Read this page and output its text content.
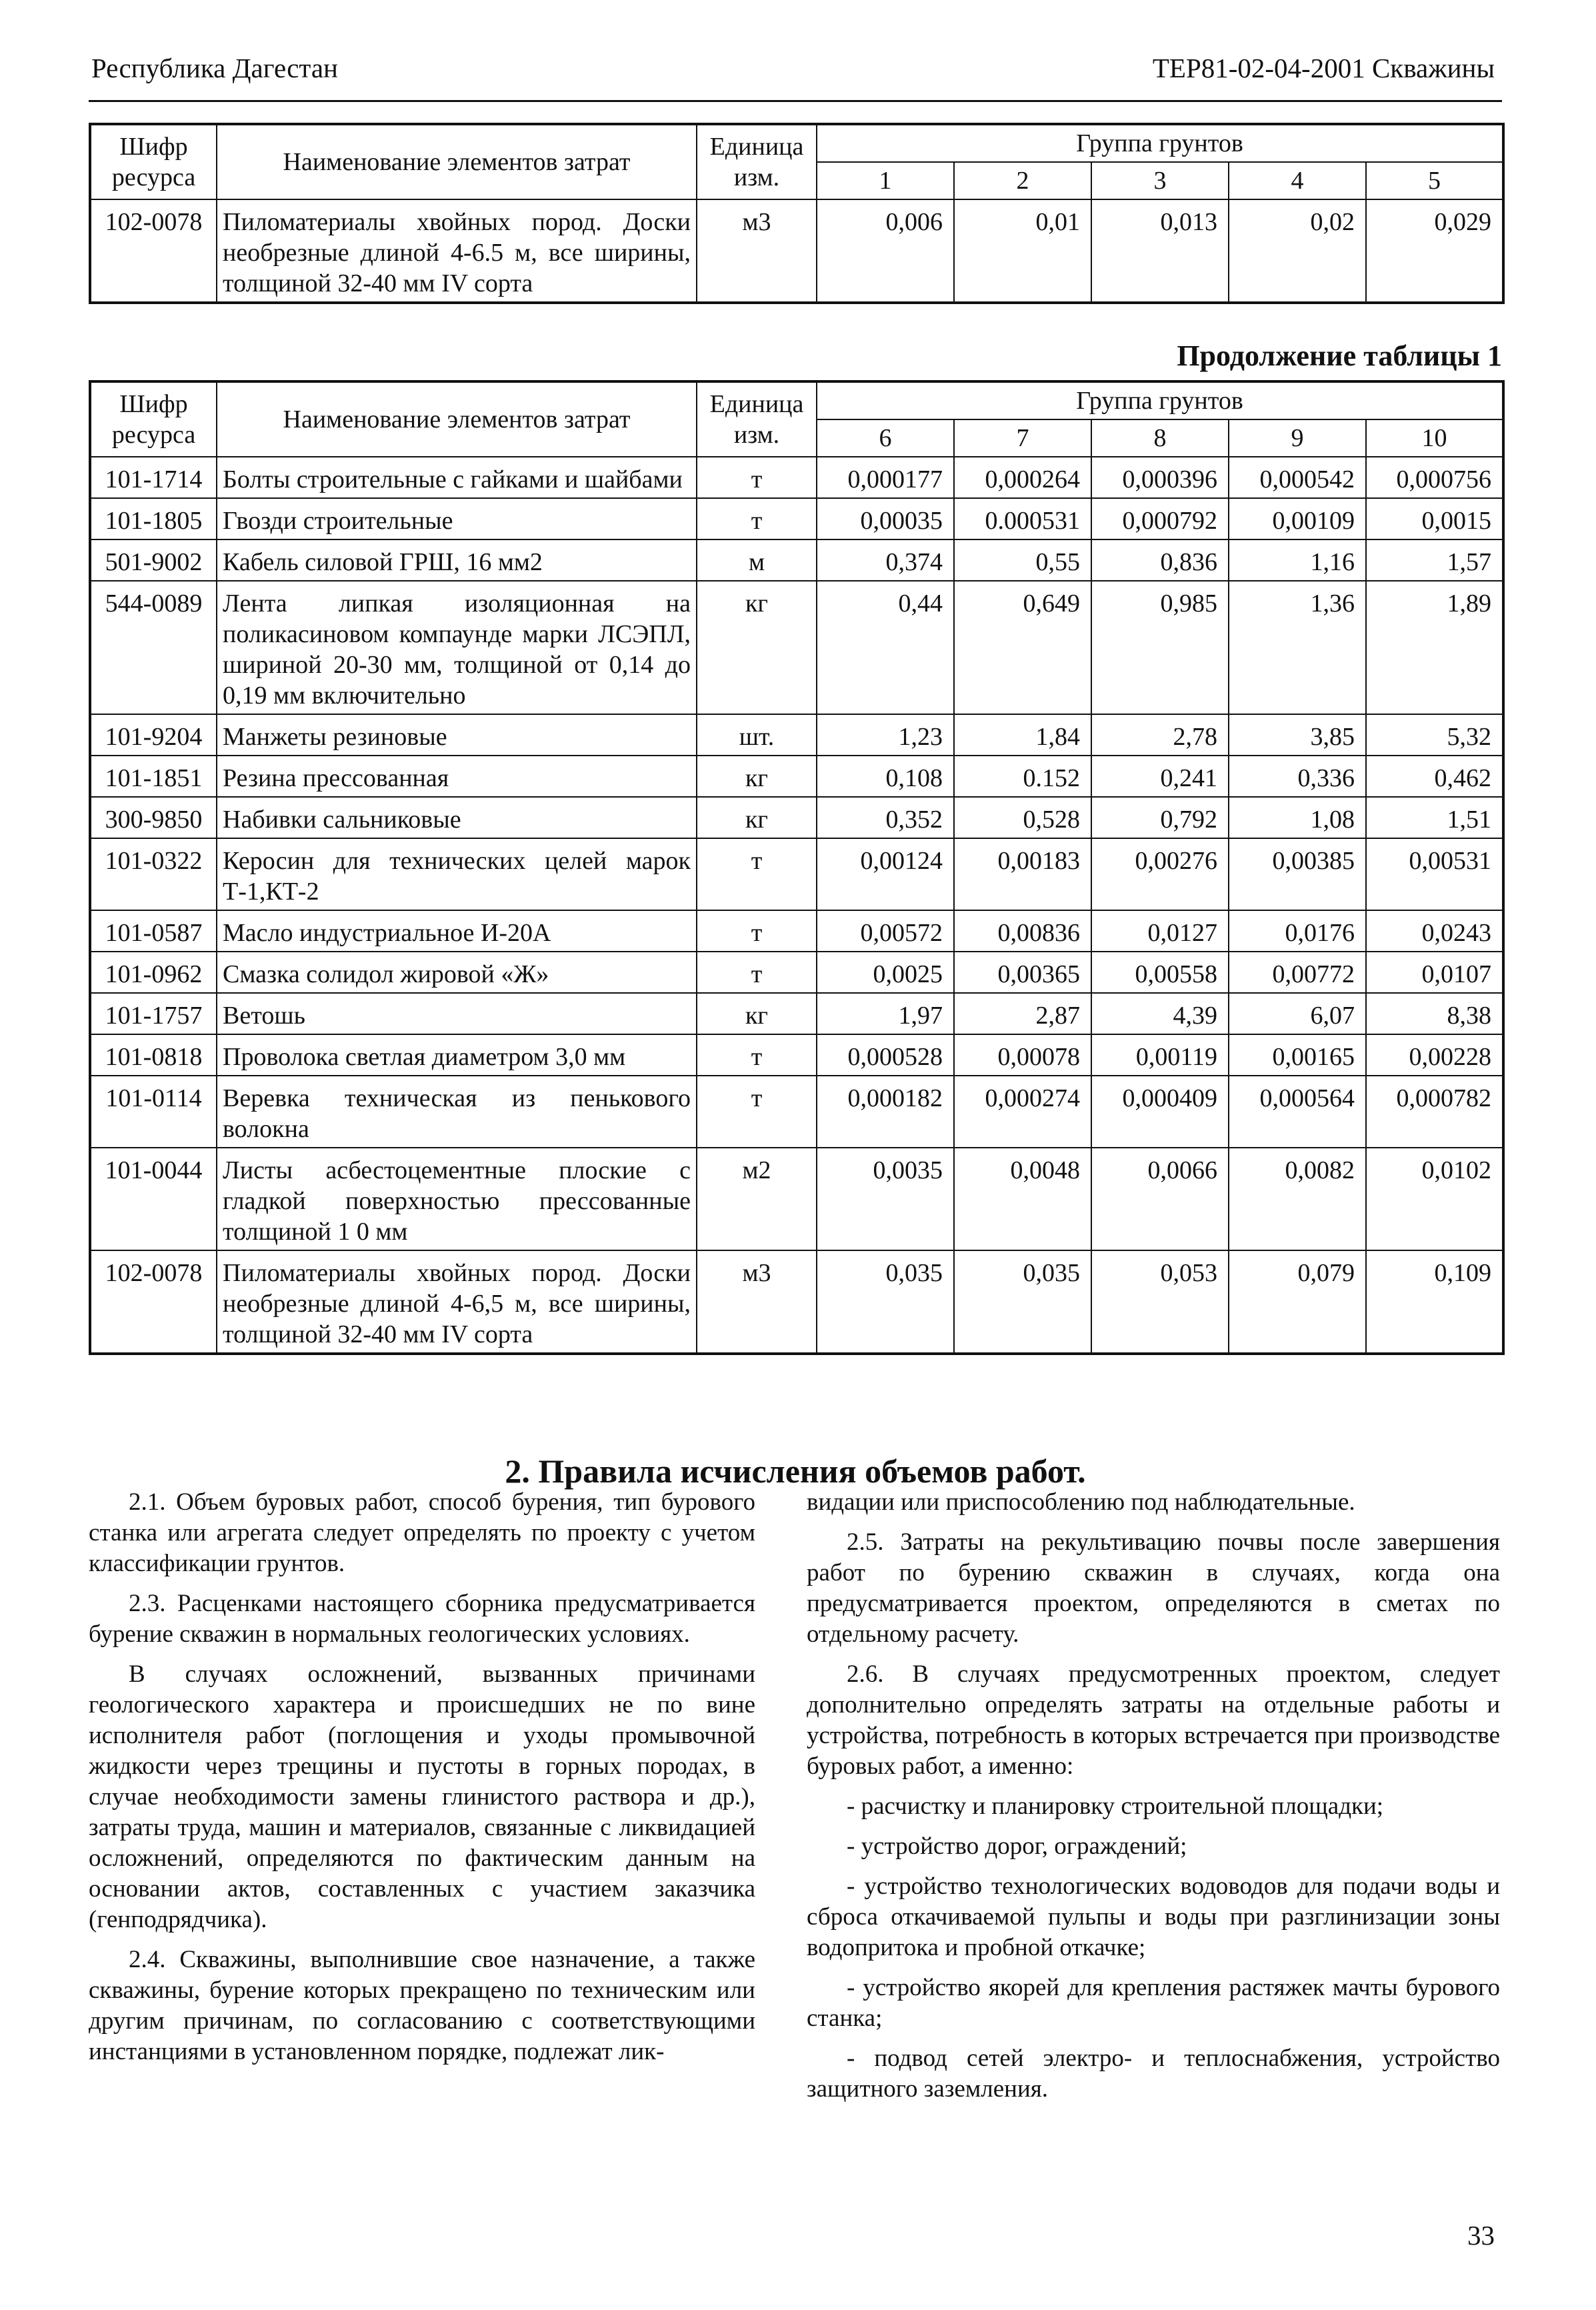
Республика Дагестан	ТЕР81-02-04-2001 Скважины
Шифр ресурса	Наименование элементов затрат	Единица изм.	Группа грунтов				
			1	2	3	4	5
102-0078	Пиломатериалы хвойных пород. Доски необрезные длиной 4-6.5 м, все ширины, толщиной 32-40 мм IV сорта	м3	0,006	0,01	0,013	0,02	0,029
Продолжение таблицы 1
Шифр ресурса	Наименование элементов затрат	Единица изм.	Группа грунтов				
			6	7	8	9	10
101-1714	Болты строительные с гайками и шайбами	т	0,000177	0,000264	0,000396	0,000542	0,000756
101-1805	Гвозди строительные	т	0,00035	0.000531	0,000792	0,00109	0,0015
501-9002	Кабель силовой ГРШ, 16 мм2	м	0,374	0,55	0,836	1,16	1,57
544-0089	Лента липкая изоляционная на поликасиновом компаунде марки ЛСЭПЛ, шириной 20-30 мм, толщиной от 0,14 до 0,19 мм включительно	кг	0,44	0,649	0,985	1,36	1,89
101-9204	Манжеты резиновые	шт.	1,23	1,84	2,78	3,85	5,32
101-1851	Резина прессованная	кг	0,108	0.152	0,241	0,336	0,462
300-9850	Набивки сальниковые	кг	0,352	0,528	0,792	1,08	1,51
101-0322	Керосин для технических целей марок Т-1,КТ-2	т	0,00124	0,00183	0,00276	0,00385	0,00531
101-0587	Масло индустриальное И-20А	т	0,00572	0,00836	0,0127	0,0176	0,0243
101-0962	Смазка солидол жировой «Ж»	т	0,0025	0,00365	0,00558	0,00772	0,0107
101-1757	Ветошь	кг	1,97	2,87	4,39	6,07	8,38
101-0818	Проволока светлая диаметром 3,0 мм	т	0,000528	0,00078	0,00119	0,00165	0,00228
101-0114	Веревка техническая из пенькового волокна	т	0,000182	0,000274	0,000409	0,000564	0,000782
101-0044	Листы асбестоцементные плоские с гладкой поверхностью прессованные толщиной 1 0 мм	м2	0,0035	0,0048	0,0066	0,0082	0,0102
102-0078	Пиломатериалы хвойных пород. Доски необрезные длиной 4-6,5 м, все ширины, толщиной 32-40 мм IV сорта	м3	0,035	0,035	0,053	0,079	0,109
2. Правила исчисления объемов работ.

2.1. Объем буровых работ, способ бурения, тип бурового станка или агрегата следует определять по проекту с учетом классификации грунтов.

2.3. Расценками настоящего сборника предусматривается бурение скважин в нормальных геологических условиях.

В случаях осложнений, вызванных причинами геологического характера и происшедших не по вине исполнителя работ (поглощения и уходы промывочной жидкости через трещины и пустоты в горных породах, в случае необходимости замены глинистого раствора и др.), затраты труда, машин и материалов, связанные с ликвидацией осложнений, определяются по фактическим данным на основании актов, составленных с участием заказчика (генподрядчика).

2.4. Скважины, выполнившие свое назначение, а также скважины, бурение которых прекращено по техническим или другим причинам, по согласованию с соответствующими инстанциями в установленном порядке, подлежат лик-

видации или приспособлению под наблюдательные.

2.5. Затраты на рекультивацию почвы после завершения работ по бурению скважин в случаях, когда она предусматривается проектом, определяются в сметах по отдельному расчету.

2.6. В случаях предусмотренных проектом, следует дополнительно определять затраты на отдельные работы и устройства, потребность в которых встречается при производстве буровых работ, а именно:

- расчистку и планировку строительной площадки;

- устройство дорог, ограждений;

- устройство технологических водоводов для подачи воды и сброса откачиваемой пульпы и воды при разглинизации зоны водопритока и пробной откачке;

- устройство якорей для крепления растяжек мачты бурового станка;

- подвод сетей электро- и теплоснабжения, устройство защитного заземления.

33
